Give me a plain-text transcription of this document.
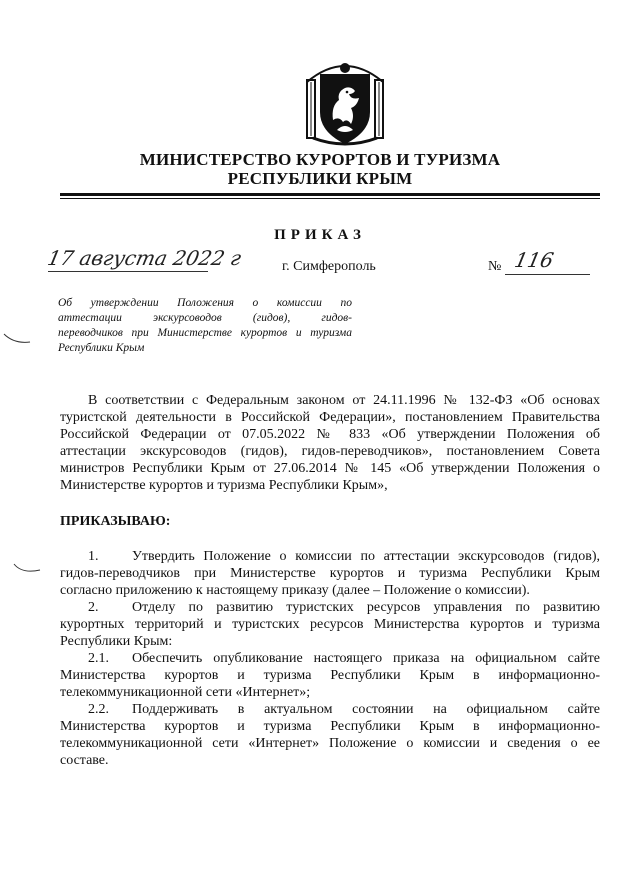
МИНИСТЕРСТВО КУРОРТОВ И ТУРИЗМА
РЕСПУБЛИКИ КРЫМ
ПРИКАЗ
17 августа 2022 г	г. Симферополь	№ 116
Об утверждении Положения о комиссии по
аттестации экскурсоводов (гидов), гидов-
переводчиков при Министерстве курортов и туризма
Республики Крым
В соответствии с Федеральным законом от 24.11.1996 № 132-ФЗ «Об основах
туристской деятельности в Российской Федерации», постановлением Правительства
Российской Федерации от 07.05.2022 № 833 «Об утверждении Положения об
аттестации экскурсоводов (гидов), гидов-переводчиков», постановлением Совета
министров Республики Крым от 27.06.2014 № 145 «Об утверждении Положения о
Министерстве курортов и туризма Республики Крым»,
ПРИКАЗЫВАЮ:
1. Утвердить Положение о комиссии по аттестации экскурсоводов (гидов),
гидов-переводчиков при Министерстве курортов и туризма Республики Крым
согласно приложению к настоящему приказу (далее – Положение о комиссии).
2. Отделу по развитию туристских ресурсов управления по развитию
курортных территорий и туристских ресурсов Министерства курортов и туризма
Республики Крым:
2.1. Обеспечить опубликование настоящего приказа на официальном сайте
Министерства курортов и туризма Республики Крым в информационно-
телекоммуникационной сети «Интернет»;
2.2. Поддерживать в актуальном состоянии на официальном сайте
Министерства курортов и туризма Республики Крым в информационно-
телекоммуникационной сети «Интернет» Положение о комиссии и сведения о ее
составе.
